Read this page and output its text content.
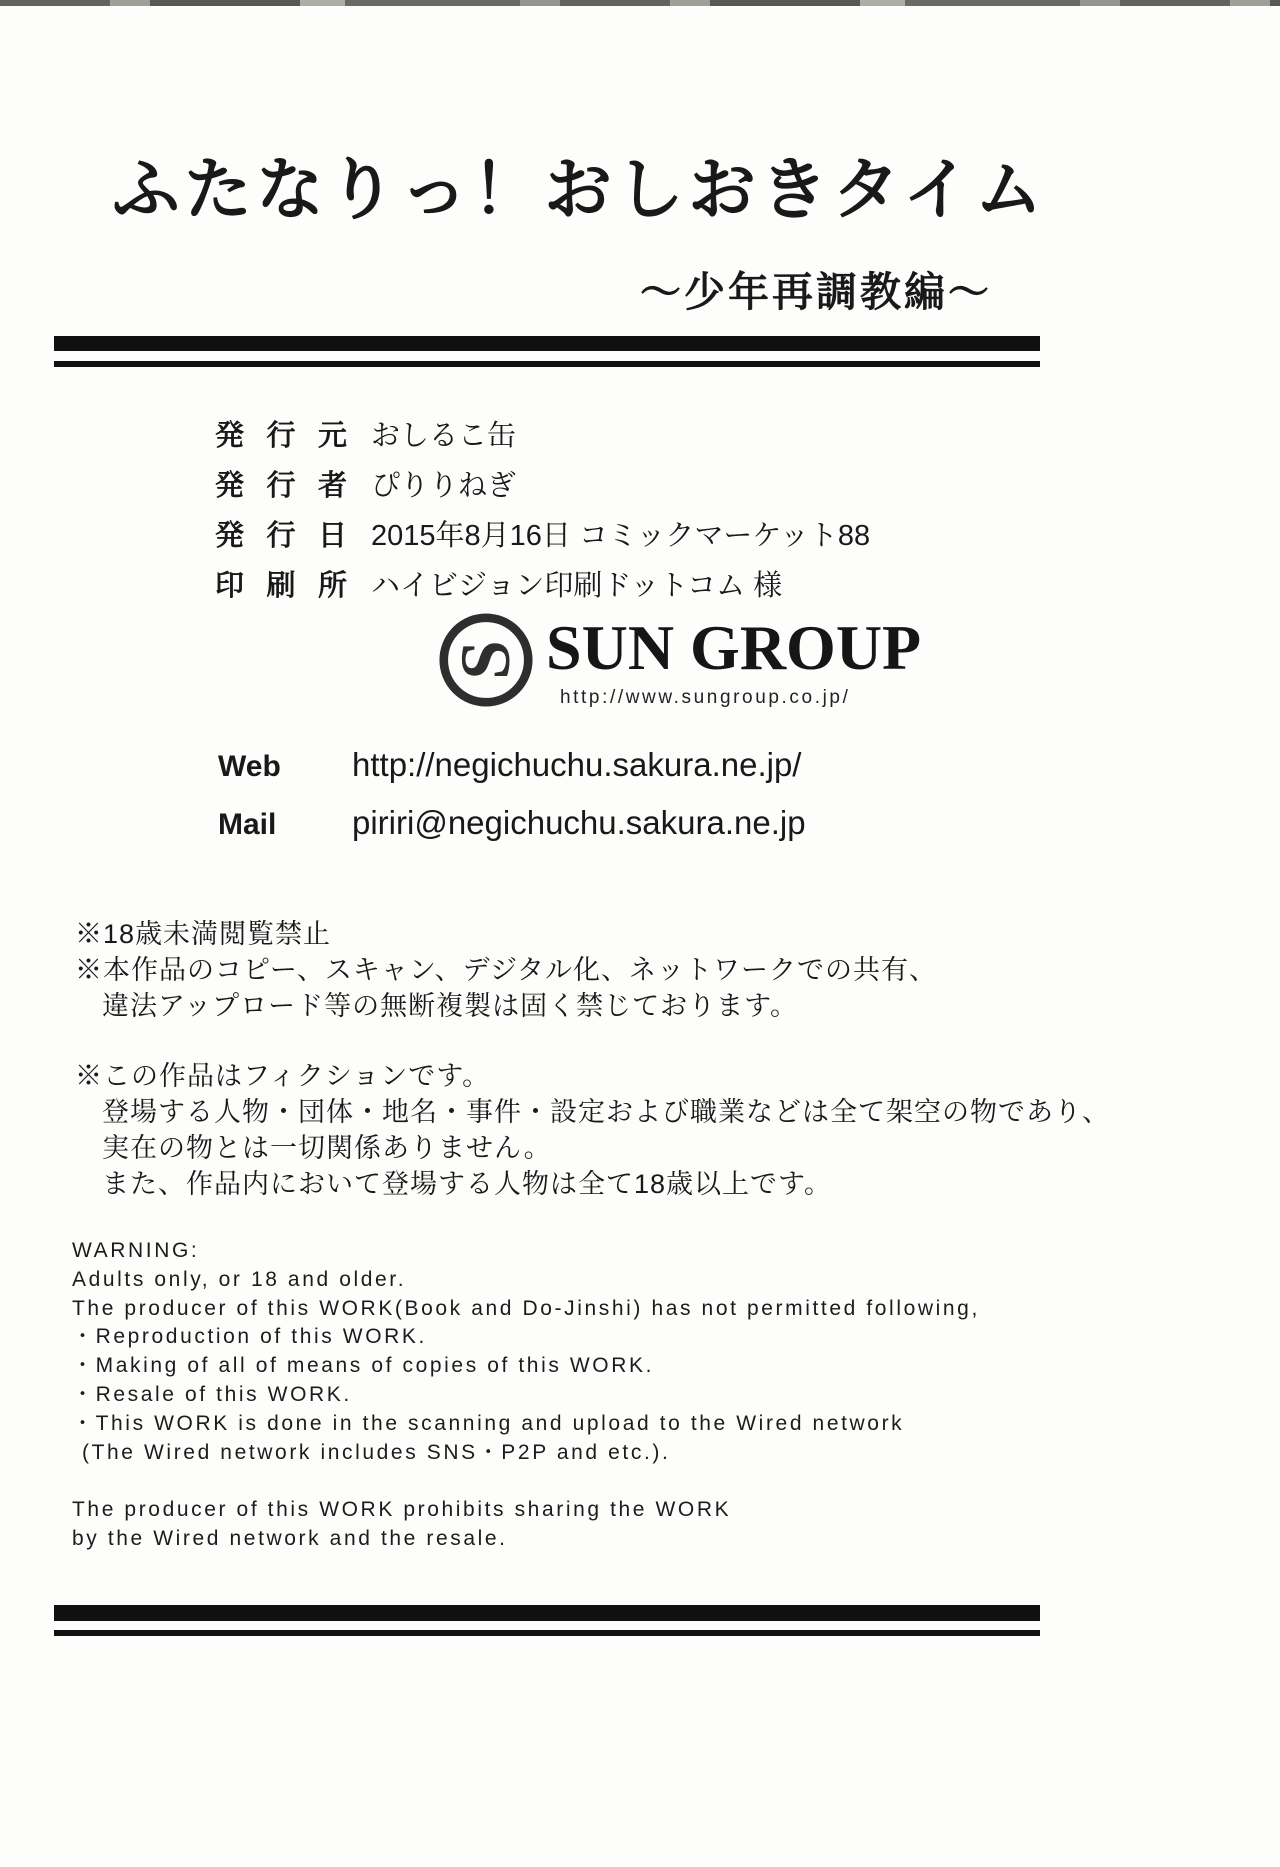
ふたなりっ！おしおきタイム
～少年再調教編～
発行元 おしるこ缶
発行者 ぴりりねぎ
発行日 2015年8月16日 コミックマーケット88
印刷所 ハイビジョン印刷ドットコム 様
S SUN GROUP
http://www.sungroup.co.jp/
Web	http://negichuchu.sakura.ne.jp/
Mail	piriri@negichuchu.sakura.ne.jp
※18歳未満閲覧禁止
※本作品のコピー、スキャン、デジタル化、ネットワークでの共有、
違法アップロード等の無断複製は固く禁じております。
※この作品はフィクションです。
登場する人物・団体・地名・事件・設定および職業などは全て架空の物であり、
実在の物とは一切関係ありません。
また、作品内において登場する人物は全て18歳以上です。
WARNING:
Adults only, or 18 and older.
The producer of this WORK(Book and Do-Jinshi) has not permitted following,
・Reproduction of this WORK.
・Making of all of means of copies of this WORK.
・Resale of this WORK.
・This WORK is done in the scanning and upload to the Wired network
(The Wired network includes SNS・P2P and etc.).
The producer of this WORK prohibits sharing the WORK
by the Wired network and the resale.
